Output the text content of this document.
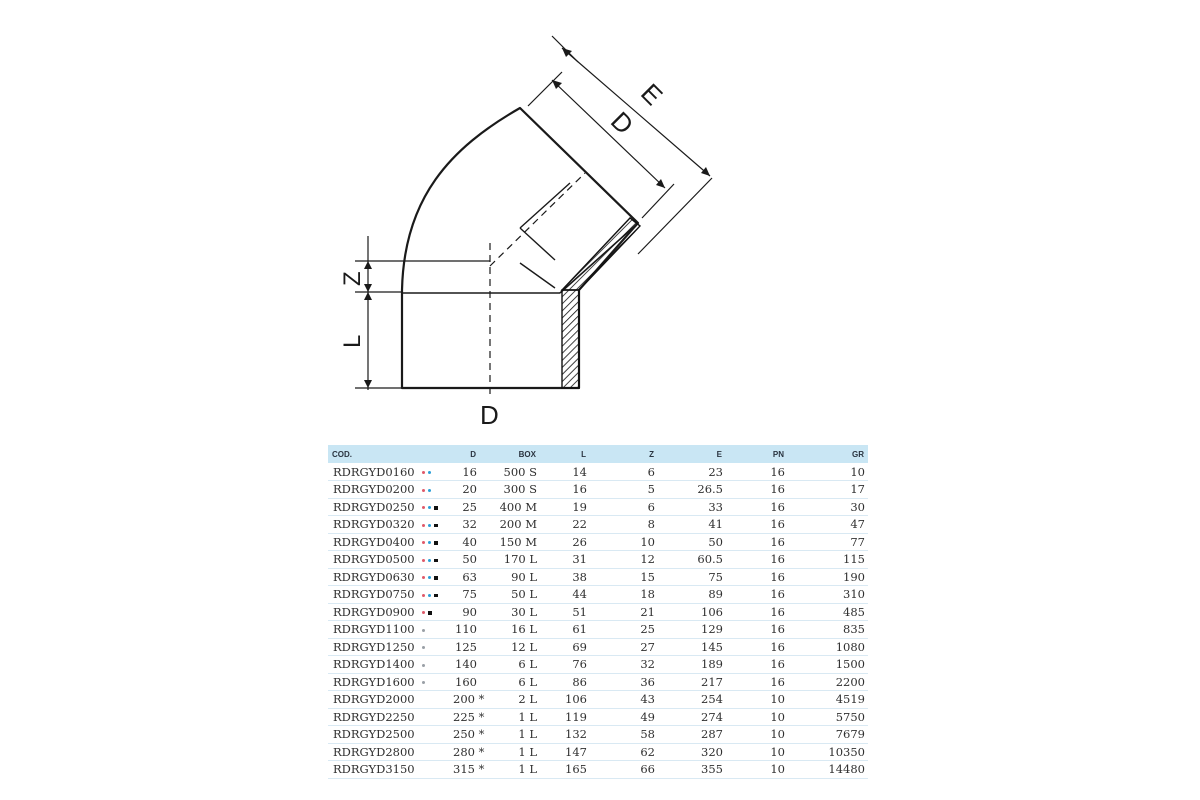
E
D
Z
L
D
COD.		D	BOX	L	Z	E	PN	GR
RDRGYD0160		16	500 S	14	6	23	16	10
RDRGYD0200		20	300 S	16	5	26.5	16	17
RDRGYD0250		25	400 M	19	6	33	16	30
RDRGYD0320		32	200 M	22	8	41	16	47
RDRGYD0400		40	150 M	26	10	50	16	77
RDRGYD0500		50	170 L	31	12	60.5	16	115
RDRGYD0630		63	90 L	38	15	75	16	190
RDRGYD0750		75	50 L	44	18	89	16	310
RDRGYD0900		90	30 L	51	21	106	16	485
RDRGYD1100		110	16 L	61	25	129	16	835
RDRGYD1250		125	12 L	69	27	145	16	1080
RDRGYD1400		140	6 L	76	32	189	16	1500
RDRGYD1600		160	6 L	86	36	217	16	2200
RDRGYD2000		200 *	2 L	106	43	254	10	4519
RDRGYD2250		225 *	1 L	119	49	274	10	5750
RDRGYD2500		250 *	1 L	132	58	287	10	7679
RDRGYD2800		280 *	1 L	147	62	320	10	10350
RDRGYD3150		315 *	1 L	165	66	355	10	14480
